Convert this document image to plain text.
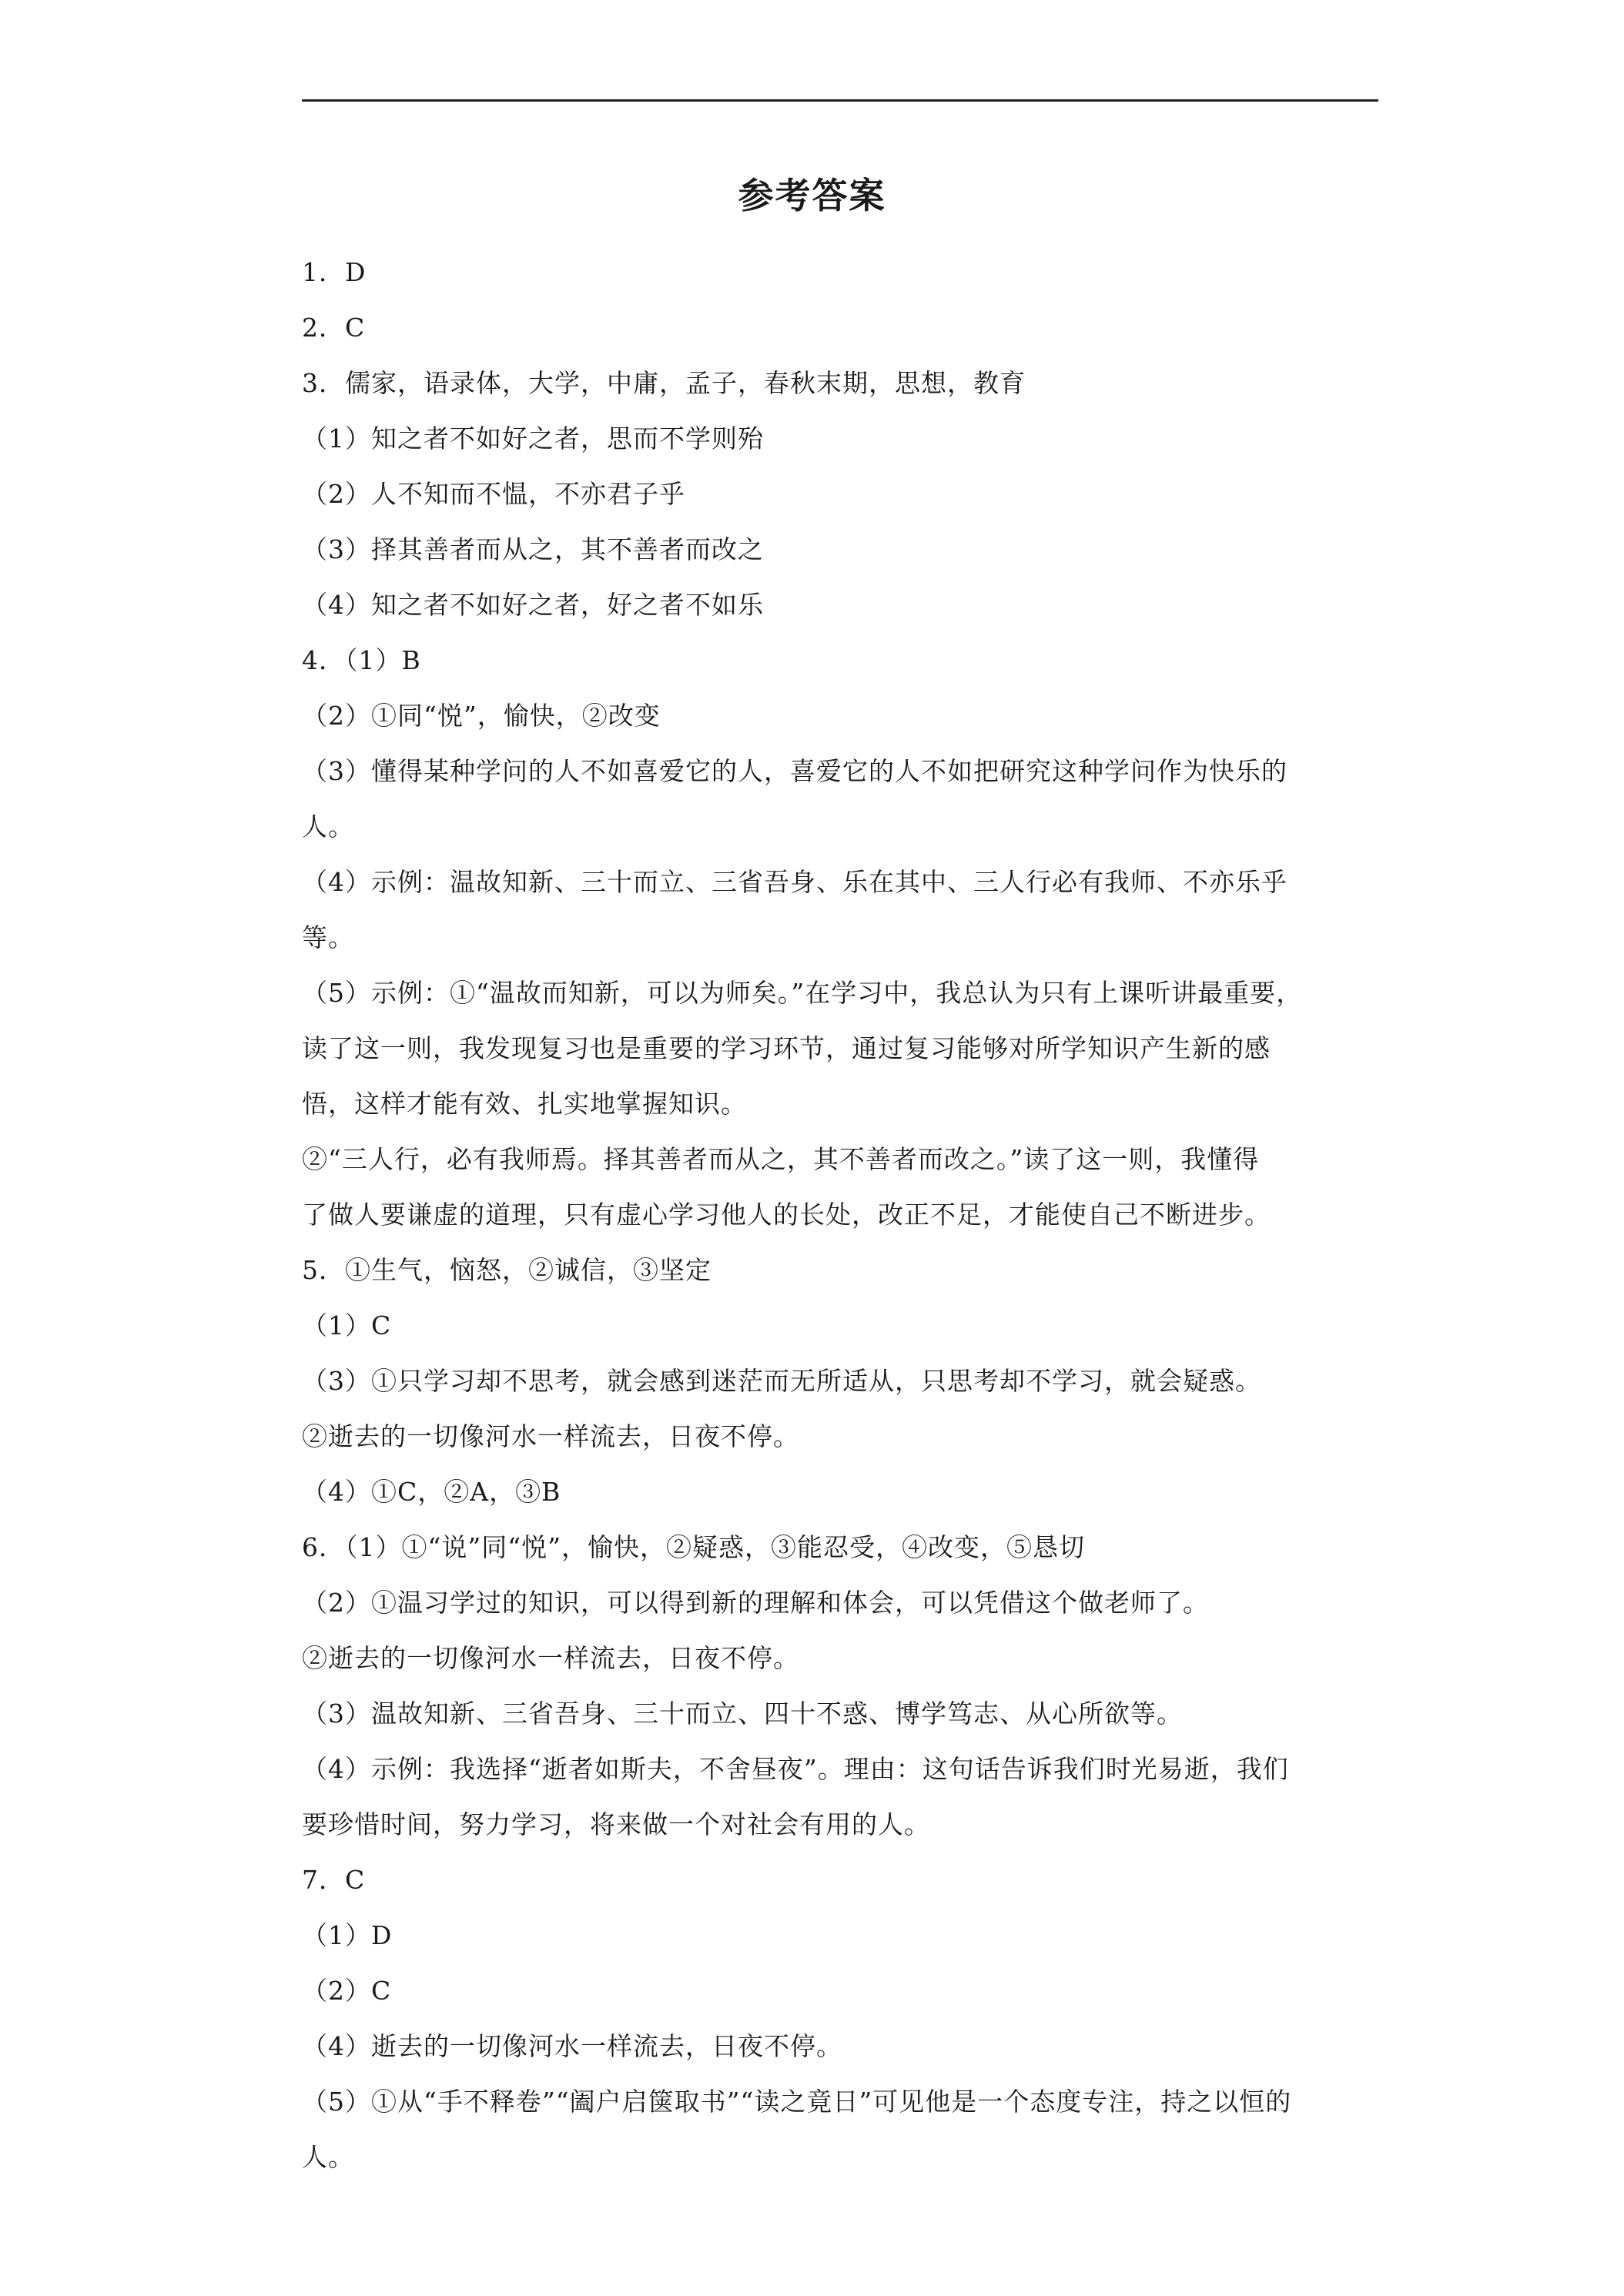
参考答案
1．D
2．C
3．儒家，语录体，大学，中庸，孟子，春秋末期，思想，教育
（1）知之者不如好之者，思而不学则殆
（2）人不知而不愠，不亦君子乎
（3）择其善者而从之，其不善者而改之
（4）知之者不如好之者，好之者不如乐
4．（1）B
（2）①同“悦”，愉快，②改变
（3）懂得某种学问的人不如喜爱它的人，喜爱它的人不如把研究这种学问作为快乐的
人。
（4）示例：温故知新、三十而立、三省吾身、乐在其中、三人行必有我师、不亦乐乎
等。
（5）示例：①“温故而知新，可以为师矣。”在学习中，我总认为只有上课听讲最重要，
读了这一则，我发现复习也是重要的学习环节，通过复习能够对所学知识产生新的感
悟，这样才能有效、扎实地掌握知识。
②“三人行，必有我师焉。择其善者而从之，其不善者而改之。”读了这一则，我懂得
了做人要谦虚的道理，只有虚心学习他人的长处，改正不足，才能使自己不断进步。
5．①生气，恼怒，②诚信，③坚定
（1）C
（3）①只学习却不思考，就会感到迷茫而无所适从，只思考却不学习，就会疑惑。
②逝去的一切像河水一样流去，日夜不停。
（4）①C，②A，③B
6．（1）①“说”同“悦”，愉快，②疑惑，③能忍受，④改变，⑤恳切
（2）①温习学过的知识，可以得到新的理解和体会，可以凭借这个做老师了。
②逝去的一切像河水一样流去，日夜不停。
（3）温故知新、三省吾身、三十而立、四十不惑、博学笃志、从心所欲等。
（4）示例：我选择“逝者如斯夫，不舍昼夜”。理由：这句话告诉我们时光易逝，我们
要珍惜时间，努力学习，将来做一个对社会有用的人。
7．C
（1）D
（2）C
（4）逝去的一切像河水一样流去，日夜不停。
（5）①从“手不释卷”“阖户启箧取书”“读之竟日”可见他是一个态度专注，持之以恒的
人。
